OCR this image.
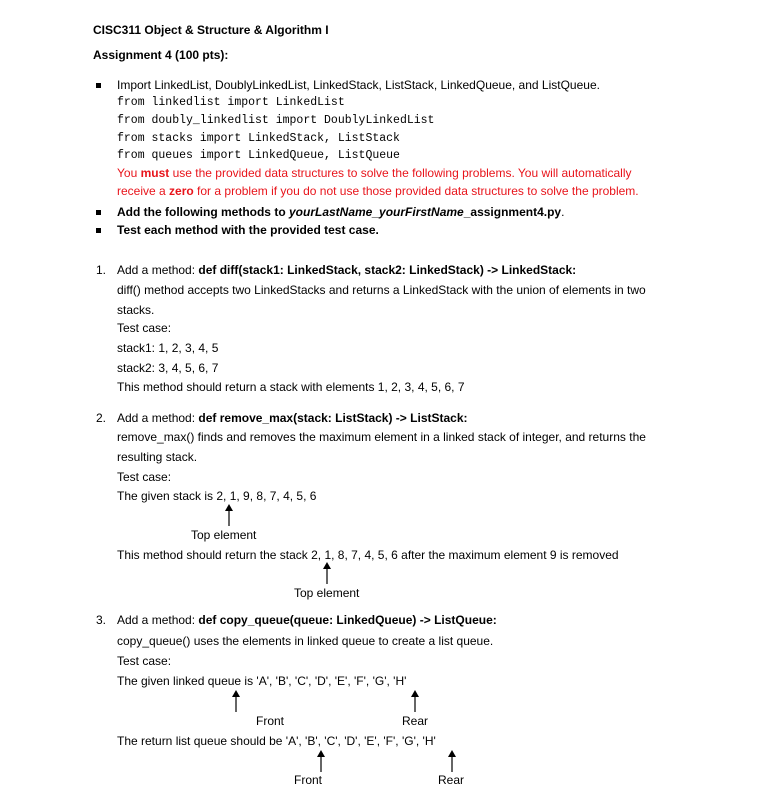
CISC311 Object & Structure & Algorithm I
Assignment 4 (100 pts):
Import LinkedList, DoublyLinkedList, LinkedStack, ListStack, LinkedQueue, and ListQueue.
from linkedlist import LinkedList
from doubly_linkedlist import DoublyLinkedList
from stacks import LinkedStack, ListStack
from queues import LinkedQueue, ListQueue
You must use the provided data structures to solve the following problems. You will automatically
receive a zero for a problem if you do not use those provided data structures to solve the problem.
Add the following methods to yourLastName_yourFirstName_assignment4.py.
Test each method with the provided test case.
1. Add a method: def diff(stack1: LinkedStack, stack2: LinkedStack) -> LinkedStack:
diff() method accepts two LinkedStacks and returns a LinkedStack with the union of elements in two
stacks.
Test case:
stack1: 1, 2, 3, 4, 5
stack2: 3, 4, 5, 6, 7
This method should return a stack with elements 1, 2, 3, 4, 5, 6, 7
2. Add a method: def remove_max(stack: ListStack) -> ListStack:
remove_max() finds and removes the maximum element in a linked stack of integer, and returns the
resulting stack.
Test case:
The given stack is 2, 1, 9, 8, 7, 4, 5, 6
Top element
This method should return the stack 2, 1, 8, 7, 4, 5, 6 after the maximum element 9 is removed
Top element
3. Add a method: def copy_queue(queue: LinkedQueue) -> ListQueue:
copy_queue() uses the elements in linked queue to create a list queue.
Test case:
The given linked queue is 'A', 'B', 'C', 'D', 'E', 'F', 'G', 'H'
Front	Rear
The return list queue should be 'A', 'B', 'C', 'D', 'E', 'F', 'G', 'H'
Front	Rear
